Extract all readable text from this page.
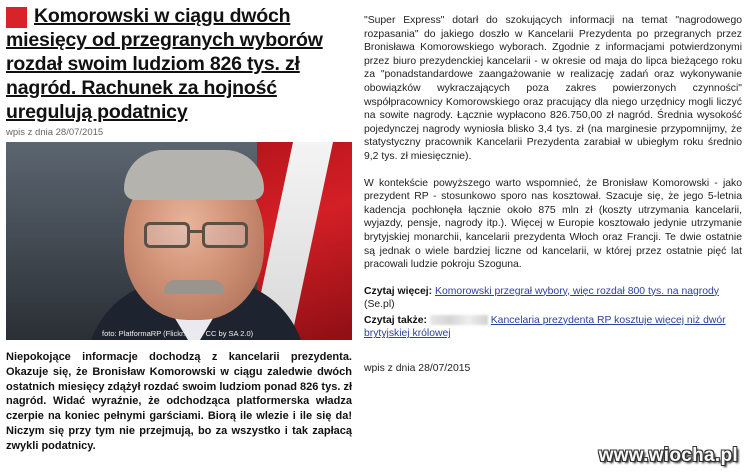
Komorowski w ciągu dwóch
miesięcy od przegranych wyborów rozdał swoim ludziom 826 tys. zł nagród. Rachunek za hojność uregulują podatnicy
wpis z dnia 28/07/2015
foto: PlatformaRP (Flickr.com / CC by SA 2.0)

Niepokojące informacje dochodzą z kancelarii prezydenta. Okazuje się, że Bronisław Komorowski w ciągu zaledwie dwóch ostatnich miesięcy zdążył rozdać swoim ludziom ponad 826 tys. zł nagród. Widać wyraźnie, że odchodząca platformerska władza czerpie na koniec pełnymi garściami. Biorą ile wlezie i ile się da! Niczym się przy tym nie przejmują, bo za wszystko i tak zapłacą zwykli podatnicy.

"Super Express" dotarł do szokujących informacji na temat "nagrodowego rozpasania" do jakiego doszło w Kancelarii Prezydenta po przegranych przez Bronisława Komorowskiego wyborach. Zgodnie z informacjami potwierdzonymi przez biuro prezydenckiej kancelarii - w okresie od maja do lipca bieżącego roku za "ponadstandardowe zaangażowanie w realizację zadań oraz wykonywanie obowiązków wykraczających poza zakres powierzonych czynności" współpracownicy Komorowskiego oraz pracujący dla niego urzędnicy mogli liczyć na sowite nagrody. Łącznie wypłacono 826.750,00 zł nagród. Średnia wysokość pojedynczej nagrody wyniosła blisko 3,4 tys. zł (na marginesie przypomnijmy, że statystyczny pracownik Kancelarii Prezydenta zarabiał w ubiegłym roku średnio 9,2 tys. zł miesięcznie).

W kontekście powyższego warto wspomnieć, że Bronisław Komorowski - jako prezydent RP - stosunkowo sporo nas kosztował. Szacuje się, że jego 5-letnia kadencja pochłonęła łącznie około 875 mln zł (koszty utrzymania kancelarii, wyjazdy, pensje, nagrody itp.). Więcej w Europie kosztowało jedynie utrzymanie brytyjskiej monarchii, kancelarii prezydenta Włoch oraz Francji. Te dwie ostatnie są jednak o wiele bardziej liczne od kancelarii, w której przez ostatnie pięć lat pracowali ludzie pokroju Szoguna.

Czytaj więcej: Komorowski przegrał wybory, więc rozdał 800 tys. na nagrody (Se.pl)
Czytaj także:	Kancelaria prezydenta RP kosztuje więcej niż dwór brytyjskiej królowej
wpis z dnia 28/07/2015
www.wiocha.pl
